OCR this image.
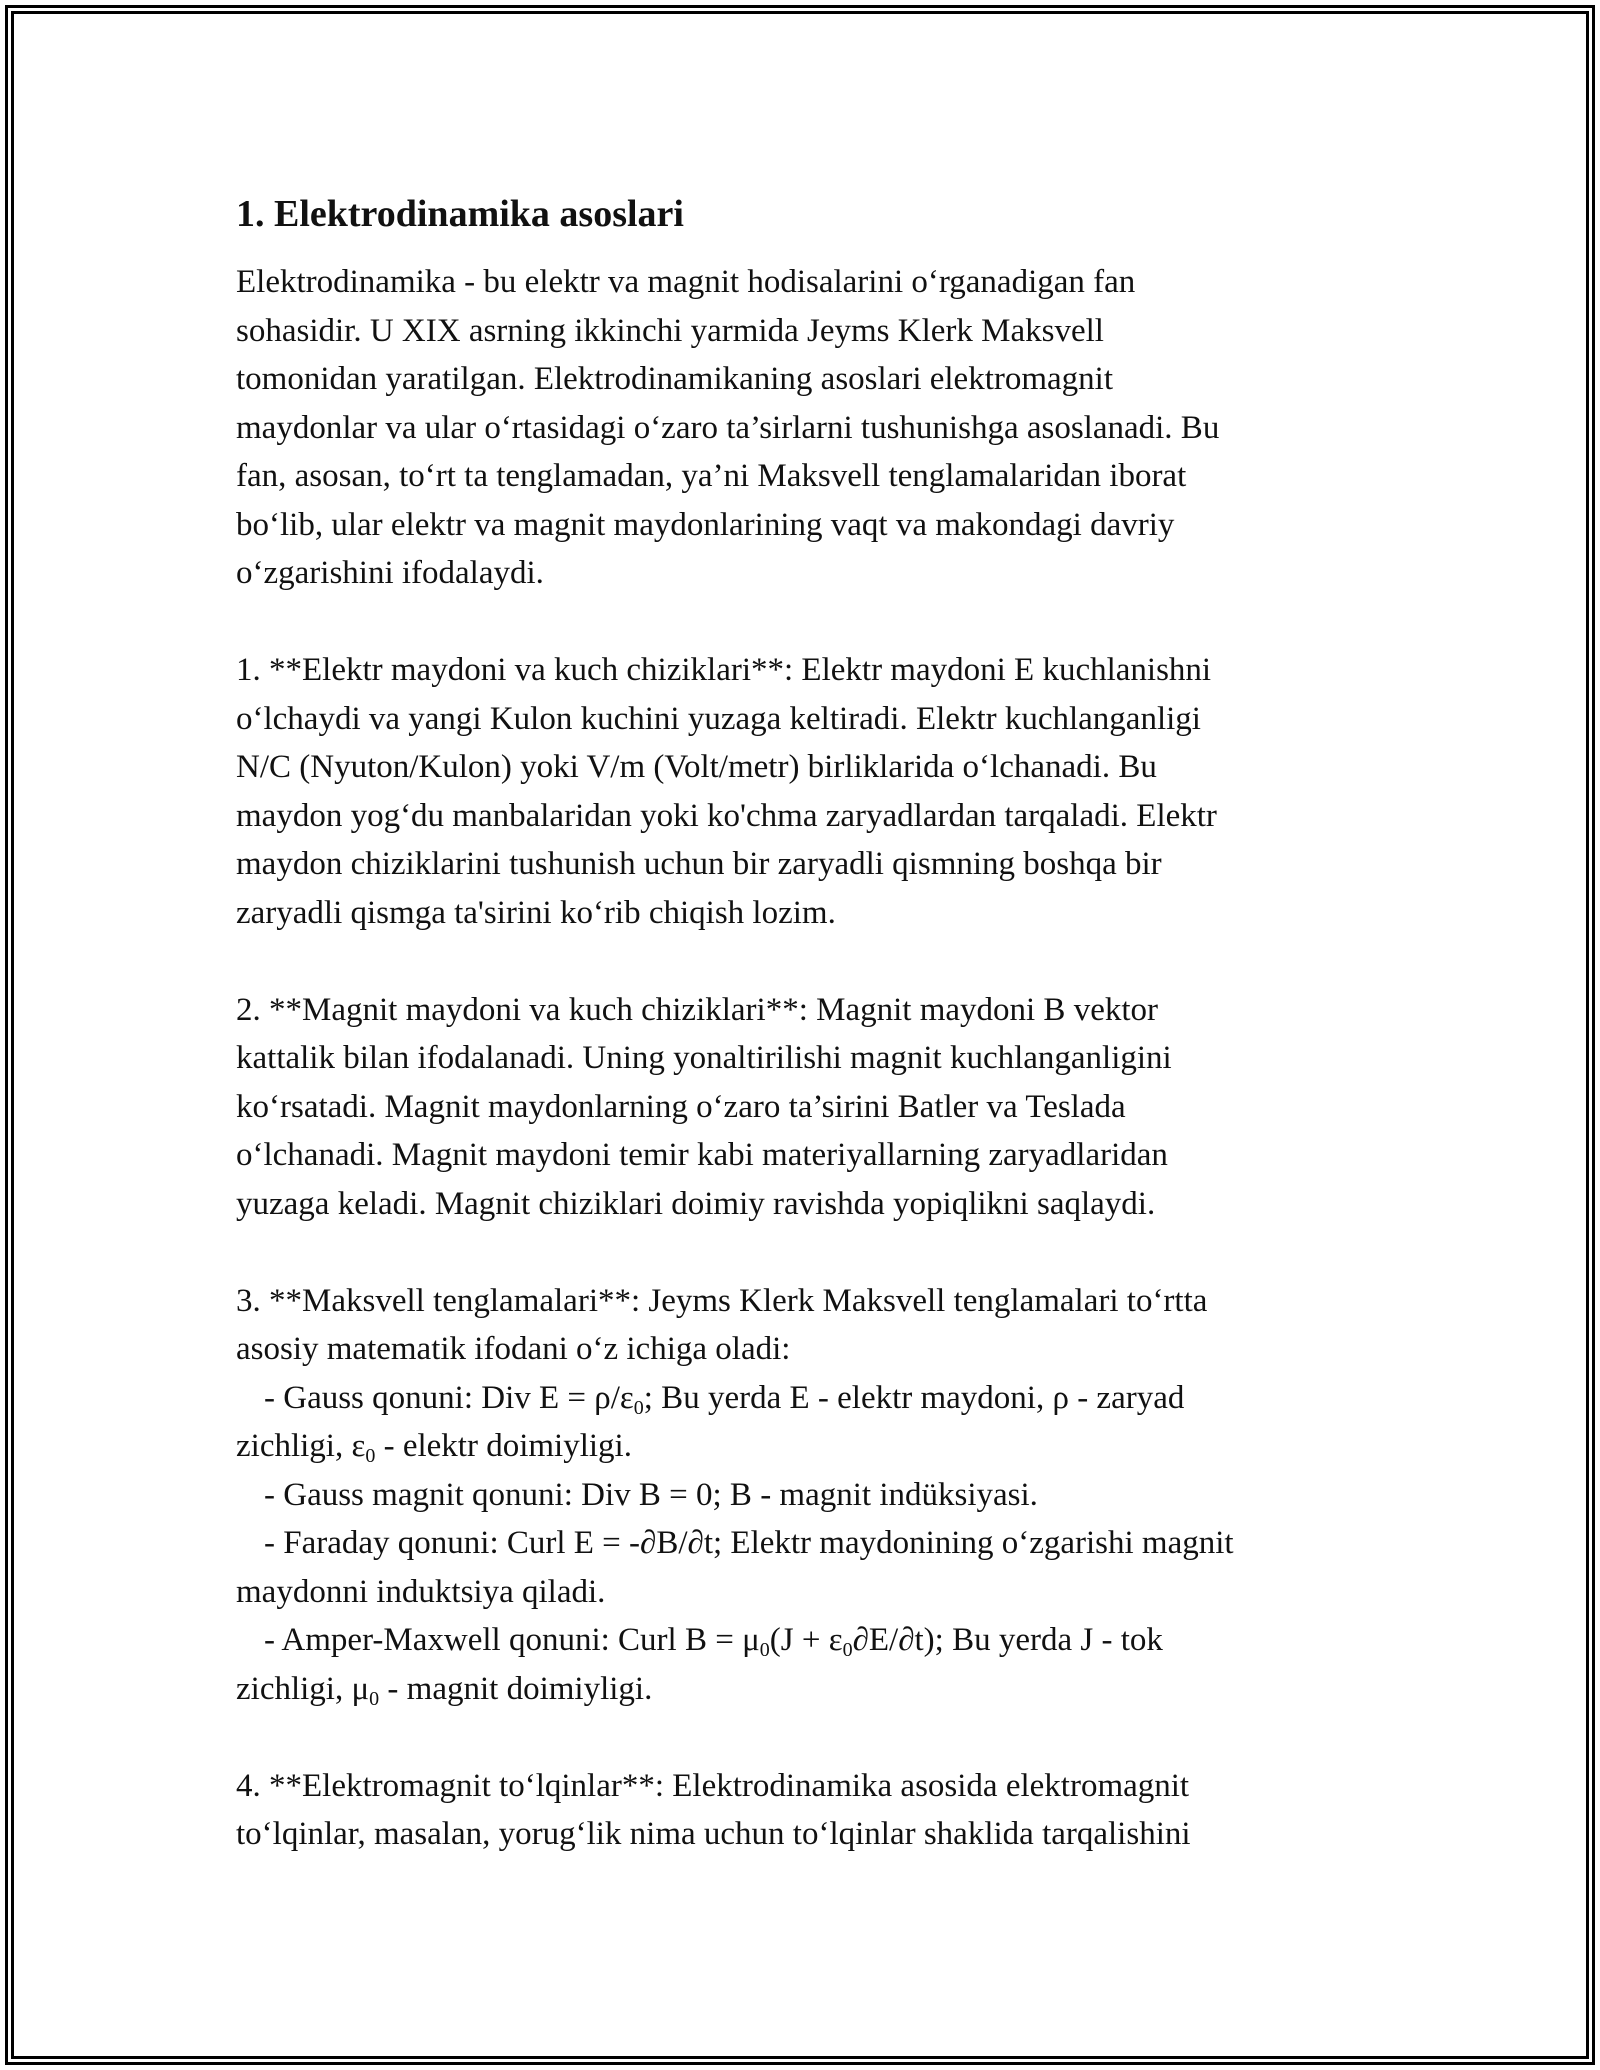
1. Elektrodinamika asoslari

Elektrodinamika - bu elektr va magnit hodisalarini o‘rganadigan fan
sohasidir. U XIX asrning ikkinchi yarmida Jeyms Klerk Maksvell
tomonidan yaratilgan. Elektrodinamikaning asoslari elektromagnit
maydonlar va ular o‘rtasidagi o‘zaro ta’sirlarni tushunishga asoslanadi. Bu
fan, asosan, to‘rt ta tenglamadan, ya’ni Maksvell tenglamalaridan iborat
bo‘lib, ular elektr va magnit maydonlarining vaqt va makondagi davriy
o‘zgarishini ifodalaydi.

1. **Elektr maydoni va kuch chiziklari**: Elektr maydoni E kuchlanishni
o‘lchaydi va yangi Kulon kuchini yuzaga keltiradi. Elektr kuchlanganligi
N/C (Nyuton/Kulon) yoki V/m (Volt/metr) birliklarida o‘lchanadi. Bu
maydon yog‘du manbalaridan yoki ko'chma zaryadlardan tarqaladi. Elektr
maydon chiziklarini tushunish uchun bir zaryadli qismning boshqa bir
zaryadli qismga ta'sirini ko‘rib chiqish lozim.

2. **Magnit maydoni va kuch chiziklari**: Magnit maydoni B vektor
kattalik bilan ifodalanadi. Uning yonaltirilishi magnit kuchlanganligini
ko‘rsatadi. Magnit maydonlarning o‘zaro ta’sirini Batler va Teslada
o‘lchanadi. Magnit maydoni temir kabi materiyallarning zaryadlaridan
yuzaga keladi. Magnit chiziklari doimiy ravishda yopiqlikni saqlaydi.

3. **Maksvell tenglamalari**: Jeyms Klerk Maksvell tenglamalari to‘rtta
asosiy matematik ifodani o‘z ichiga oladi:
- Gauss qonuni: Div $E = \rho/\varepsilon_0$; Bu yerda E - elektr maydoni, ρ - zaryad
zichligi, $\varepsilon_0$ - elektr doimiyligi.
- Gauss magnit qonuni: Div B = 0; B - magnit indüksiyasi.
- Faraday qonuni: Curl E = -∂B/∂t; Elektr maydonining o‘zgarishi magnit
maydonni induktsiya qiladi.
- Amper-Maxwell qonuni: Curl $B = \mu_0(J + \varepsilon_0\partial E/\partial t)$; Bu yerda J - tok
zichligi, $\mu_0$ - magnit doimiyligi.

4. **Elektromagnit to‘lqinlar**: Elektrodinamika asosida elektromagnit
to‘lqinlar, masalan, yorug‘lik nima uchun to‘lqinlar shaklida tarqalishini
